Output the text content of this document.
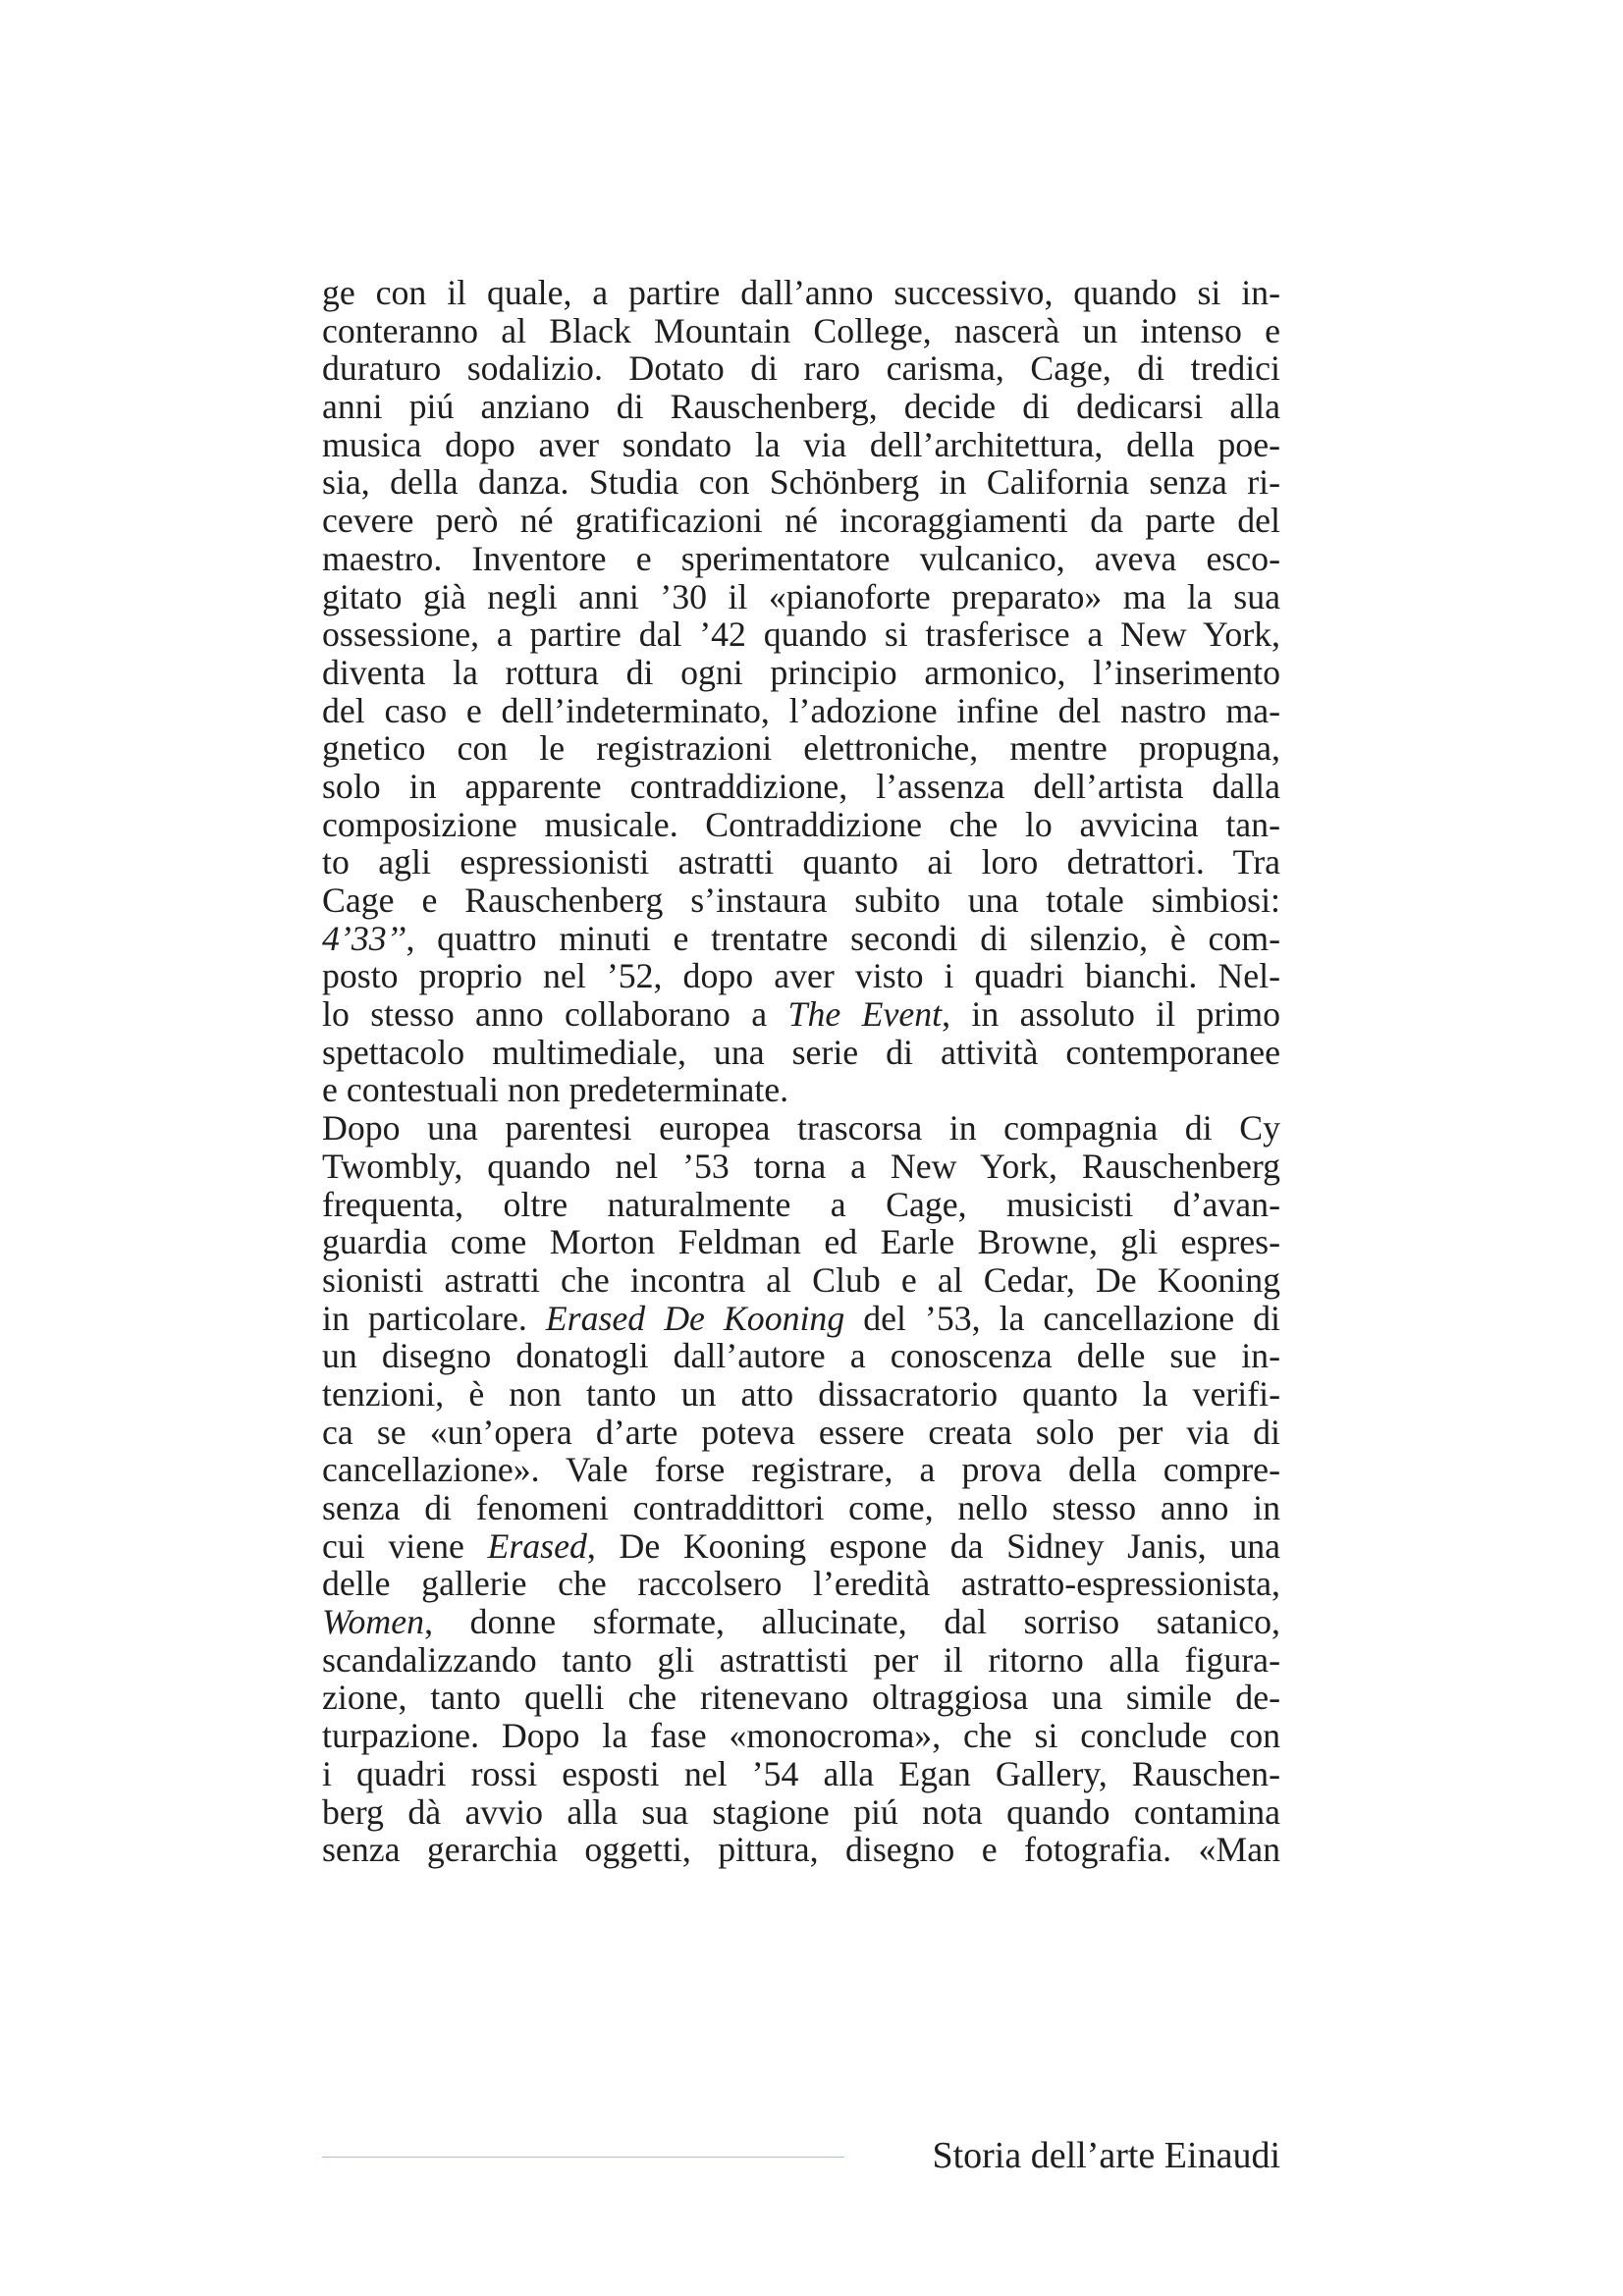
ge con il quale, a partire dall’anno successivo, quando si in-
conteranno al Black Mountain College, nascerà un intenso e
duraturo sodalizio. Dotato di raro carisma, Cage, di tredici
anni piú anziano di Rauschenberg, decide di dedicarsi alla
musica dopo aver sondato la via dell’architettura, della poe-
sia, della danza. Studia con Schönberg in California senza ri-
cevere però né gratificazioni né incoraggiamenti da parte del
maestro. Inventore e sperimentatore vulcanico, aveva esco-
gitato già negli anni ’30 il «pianoforte preparato» ma la sua
ossessione, a partire dal ’42 quando si trasferisce a New York,
diventa la rottura di ogni principio armonico, l’inserimento
del caso e dell’indeterminato, l’adozione infine del nastro ma-
gnetico con le registrazioni elettroniche, mentre propugna,
solo in apparente contraddizione, l’assenza dell’artista dalla
composizione musicale. Contraddizione che lo avvicina tan-
to agli espressionisti astratti quanto ai loro detrattori. Tra
Cage e Rauschenberg s’instaura subito una totale simbiosi:
4’33’’, quattro minuti e trentatre secondi di silenzio, è com-
posto proprio nel ’52, dopo aver visto i quadri bianchi. Nel-
lo stesso anno collaborano a The Event, in assoluto il primo
spettacolo multimediale, una serie di attività contemporanee
e contestuali non predeterminate.
Dopo una parentesi europea trascorsa in compagnia di Cy
Twombly, quando nel ’53 torna a New York, Rauschenberg
frequenta, oltre naturalmente a Cage, musicisti d’avan-
guardia come Morton Feldman ed Earle Browne, gli espres-
sionisti astratti che incontra al Club e al Cedar, De Kooning
in particolare. Erased De Kooning del ’53, la cancellazione di
un disegno donatogli dall’autore a conoscenza delle sue in-
tenzioni, è non tanto un atto dissacratorio quanto la verifi-
ca se «un’opera d’arte poteva essere creata solo per via di
cancellazione». Vale forse registrare, a prova della compre-
senza di fenomeni contraddittori come, nello stesso anno in
cui viene Erased, De Kooning espone da Sidney Janis, una
delle gallerie che raccolsero l’eredità astratto-espressionista,
Women, donne sformate, allucinate, dal sorriso satanico,
scandalizzando tanto gli astrattisti per il ritorno alla figura-
zione, tanto quelli che ritenevano oltraggiosa una simile de-
turpazione. Dopo la fase «monocroma», che si conclude con
i quadri rossi esposti nel ’54 alla Egan Gallery, Rauschen-
berg dà avvio alla sua stagione piú nota quando contamina
senza gerarchia oggetti, pittura, disegno e fotografia. «Man
Storia dell’arte Einaudi
